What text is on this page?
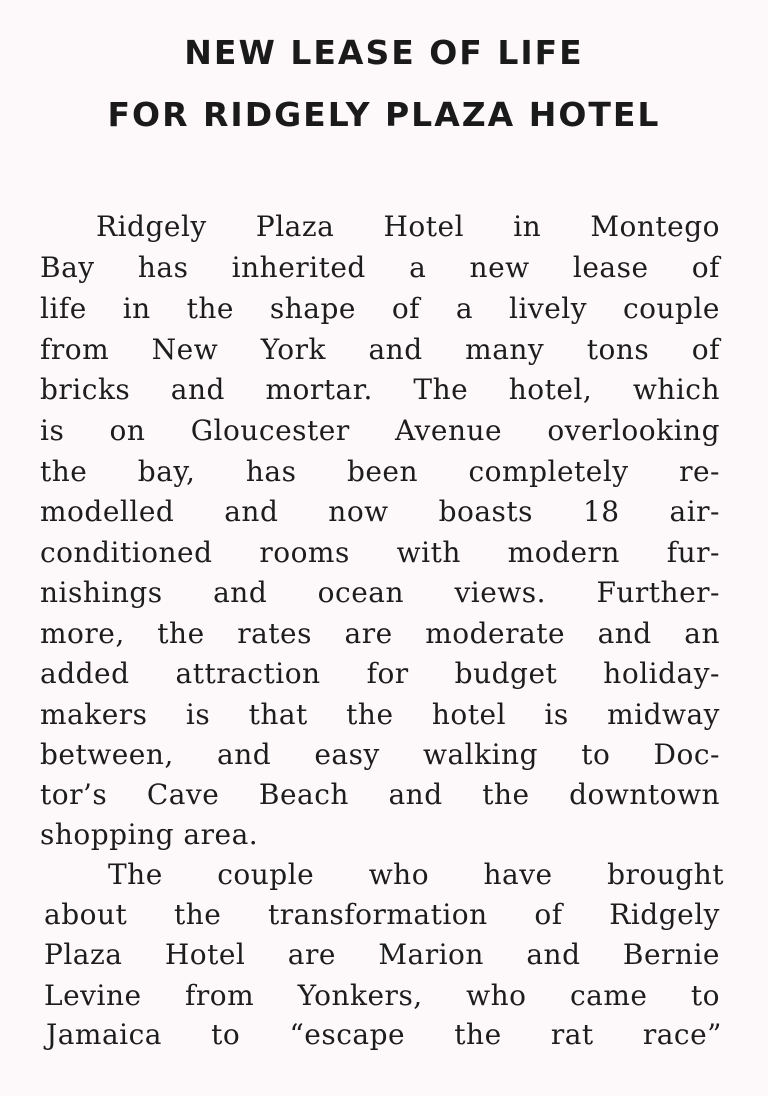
NEW LEASE OF LIFE
FOR RIDGELY PLAZA HOTEL
Ridgely Plaza Hotel in Montego
Bay has inherited a new lease of
life in the shape of a lively couple
from New York and many tons of
bricks and mortar. The hotel, which
is on Gloucester Avenue overlooking
the bay, has been completely re-
modelled and now boasts 18 air-
conditioned rooms with modern fur-
nishings and ocean views. Further-
more, the rates are moderate and an
added attraction for budget holiday-
makers is that the hotel is midway
between, and easy walking to Doc-
tor’s Cave Beach and the downtown
shopping area.
The couple who have brought
about the transformation of Ridgely
Plaza Hotel are Marion and Bernie
Levine from Yonkers, who came to
Jamaica to “escape the rat race”
